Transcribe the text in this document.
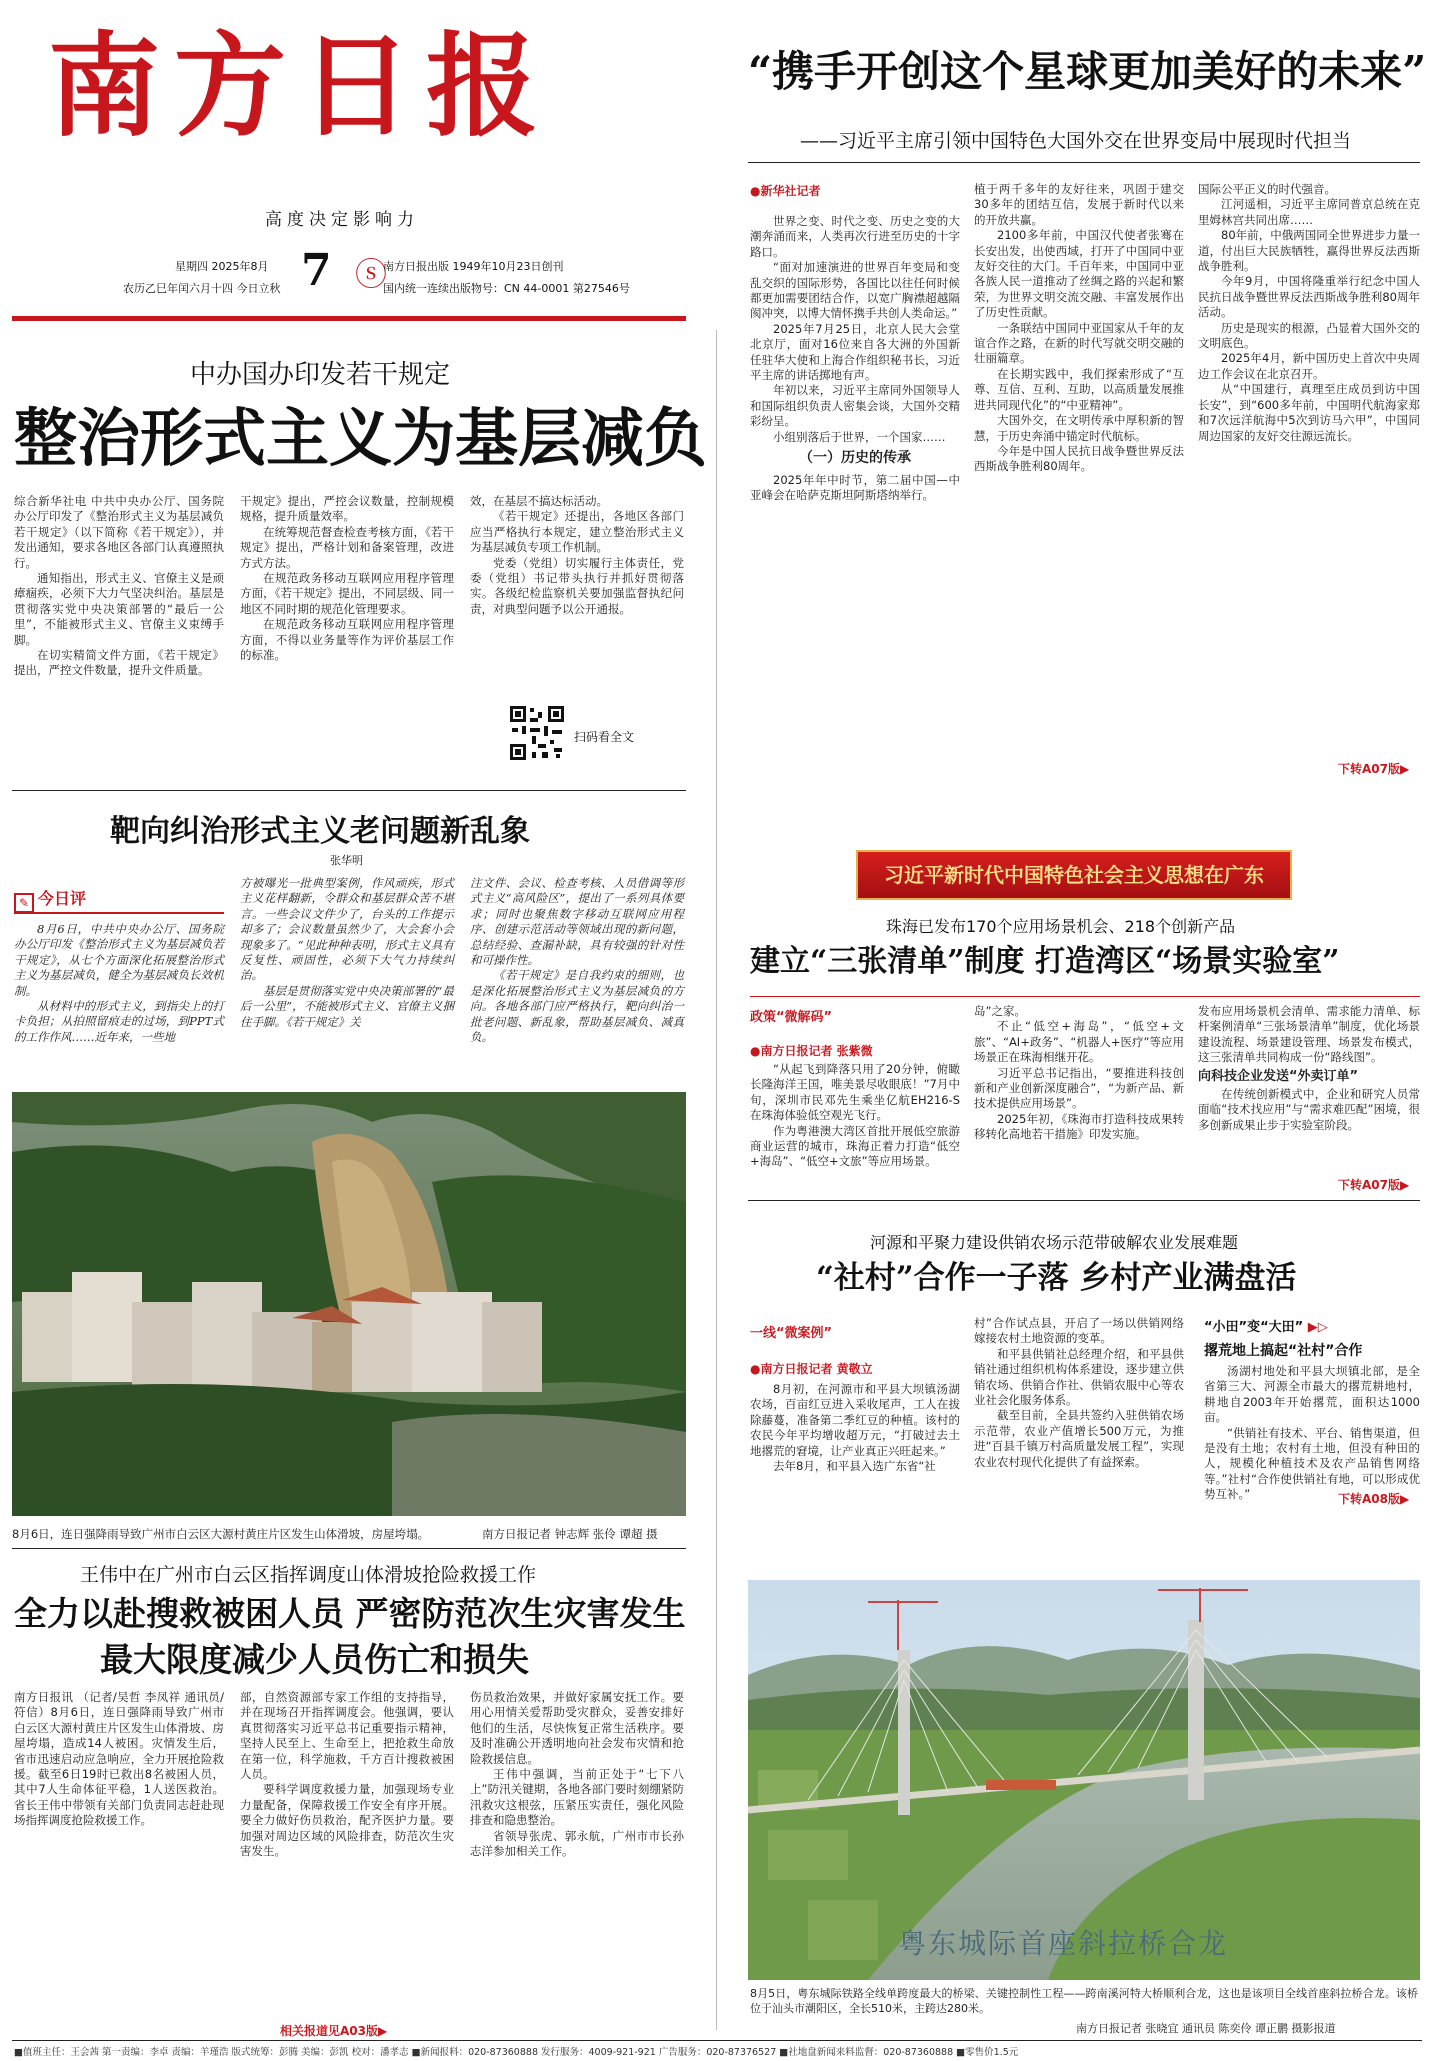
南方日报
高度决定影响力
星期四 2025年8月
农历乙巳年闰六月十四 今日立秋 7 ⓢ
南方日报出版 1949年10月23日创刊
国内统一连续出版物号：CN 44-0001 第27546号
“携手开创这个星球更加美好的未来”
——习近平主席引领中国特色大国外交在世界变局中展现时代担当
●新华社记者

世界之变、时代之变、历史之变的大潮奔涌而来，人类再次行进至历史的十字路口。

“面对加速演进的世界百年变局和变乱交织的国际形势，各国比以往任何时候都更加需要团结合作，以宽广胸襟超越隔阂冲突，以博大情怀携手共创人类命运。”

2025年7月25日，北京人民大会堂北京厅，面对16位来自各大洲的外国新任驻华大使和上海合作组织秘书长，习近平主席的讲话掷地有声。

年初以来，习近平主席同外国领导人和国际组织负责人密集会谈，大国外交精彩纷呈。

小组别落后于世界，一个国家……

（一）历史的传承

2025年年中时节，第二届中国—中亚峰会在哈萨克斯坦阿斯塔纳举行。

植于两千多年的友好往来，巩固于建交30多年的团结互信，发展于新时代以来的开放共赢。

2100多年前，中国汉代使者张骞在长安出发，出使西域，打开了中国同中亚友好交往的大门。千百年来，中国同中亚各族人民一道推动了丝绸之路的兴起和繁荣，为世界文明交流交融、丰富发展作出了历史性贡献。

一条联结中国同中亚国家从千年的友谊合作之路，在新的时代写就交明交融的壮丽篇章。

在长期实践中，我们探索形成了“互尊、互信、互利、互助，以高质量发展推进共同现代化”的“中亚精神”。

大国外交，在文明传承中厚积新的智慧，于历史奔涌中锚定时代航标。

今年是中国人民抗日战争暨世界反法西斯战争胜利80周年。

国际公平正义的时代强音。

江河遥相，习近平主席同普京总统在克里姆林宫共同出席……

80年前，中俄两国同全世界进步力量一道，付出巨大民族牺牲，赢得世界反法西斯战争胜利。

今年9月，中国将隆重举行纪念中国人民抗日战争暨世界反法西斯战争胜利80周年活动。

历史是现实的根源，凸显着大国外交的文明底色。

2025年4月，新中国历史上首次中央周边工作会议在北京召开。

从“中国建行，真理至庄成员到访中国长安”，到“600多年前，中国明代航海家郑和7次远洋航海中5次到访马六甲”，中国同周边国家的友好交往源远流长。

下转A07版▶
中办国办印发若干规定
整治形式主义为基层减负

综合新华社电 中共中央办公厅、国务院办公厅印发了《整治形式主义为基层减负若干规定》（以下简称《若干规定》），并发出通知，要求各地区各部门认真遵照执行。

通知指出，形式主义、官僚主义是顽瘴痼疾，必须下大力气坚决纠治。基层是贯彻落实党中央决策部署的“最后一公里”，不能被形式主义、官僚主义束缚手脚。

在切实精简文件方面，《若干规定》提出，严控文件数量，提升文件质量。

干规定》提出，严控会议数量，控制规模规格，提升质量效率。

在统筹规范督查检查考核方面，《若干规定》提出，严格计划和备案管理，改进方式方法。

在规范政务移动互联网应用程序管理方面，《若干规定》提出，不同层级、同一地区不同时期的规范化管理要求。

在规范政务移动互联网应用程序管理方面，不得以业务量等作为评价基层工作的标准。

效，在基层不搞达标活动。

《若干规定》还提出，各地区各部门应当严格执行本规定，建立整治形式主义为基层减负专项工作机制。

党委（党组）切实履行主体责任，党委（党组）书记带头执行并抓好贯彻落实。各级纪检监察机关要加强监督执纪问责，对典型问题予以公开通报。

扫码看全文
靶向纠治形式主义老问题新乱象
张华明
✎ 今日评

8月6日，中共中央办公厅、国务院办公厅印发《整治形式主义为基层减负若干规定》，从七个方面深化拓展整治形式主义为基层减负，健全为基层减负长效机制。

从材料中的形式主义，到指尖上的打卡负担；从拍照留痕走的过场，到PPT式的工作作风……近年来，一些地

方被曝光一批典型案例，作风顽疾，形式主义花样翻新，令群众和基层群众苦不堪言。一些会议文件少了，台头的工作提示却多了；会议数量虽然少了，大会套小会现象多了。“见此种种表明，形式主义具有反复性、顽固性，必须下大气力持续纠治。

基层是贯彻落实党中央决策部署的“最后一公里”，不能被形式主义、官僚主义捆住手脚。《若干规定》关

注文件、会议、检查考核、人员借调等形式主义“高风险区”，提出了一系列具体要求；同时也聚焦数字移动互联网应用程序、创建示范活动等领域出现的新问题，总结经验、查漏补缺，具有较强的针对性和可操作性。

《若干规定》是自我约束的细则，也是深化拓展整治形式主义为基层减负的方向。各地各部门应严格执行，靶向纠治一批老问题、新乱象，帮助基层减负、减真负。

8月6日，连日强降雨导致广州市白云区大源村黄庄片区发生山体滑坡，房屋垮塌。	南方日报记者 钟志辉 张伶 谭超 摄
王伟中在广州市白云区指挥调度山体滑坡抢险救援工作
全力以赴搜救被困人员 严密防范次生灾害发生
最大限度减少人员伤亡和损失

南方日报讯 （记者/吴哲 李凤祥 通讯员/符信）8月6日，连日强降雨导致广州市白云区大源村黄庄片区发生山体滑坡、房屋垮塌，造成14人被困。灾情发生后，省市迅速启动应急响应，全力开展抢险救援。截至6日19时已救出8名被困人员，其中7人生命体征平稳，1人送医救治。省长王伟中带领有关部门负责同志赶赴现场指挥调度抢险救援工作。

部，自然资源部专家工作组的支持指导，并在现场召开指挥调度会。他强调，要认真贯彻落实习近平总书记重要指示精神，坚持人民至上、生命至上，把抢救生命放在第一位，科学施救，千方百计搜救被困人员。

要科学调度救援力量，加强现场专业力量配备，保障救援工作安全有序开展。要全力做好伤员救治，配齐医护力量。要加强对周边区域的风险排查，防范次生灾害发生。

伤员救治效果，并做好家属安抚工作。要用心用情关爱帮助受灾群众，妥善安排好他们的生活，尽快恢复正常生活秩序。要及时准确公开透明地向社会发布灾情和抢险救援信息。

王伟中强调，当前正处于“七下八上”防汛关键期，各地各部门要时刻绷紧防汛救灾这根弦，压紧压实责任，强化风险排查和隐患整治。

省领导张虎、郭永航，广州市市长孙志洋参加相关工作。

相关报道见A03版▶
习近平新时代中国特色社会主义思想在广东
珠海已发布170个应用场景机会、218个创新产品
建立“三张清单”制度 打造湾区“场景实验室”
政策“微解码”
●南方日报记者 张紫微

“从起飞到降落只用了20分钟，俯瞰长隆海洋王国，唯美景尽收眼底！”7月中旬，深圳市民邓先生乘坐亿航EH216-S在珠海体验低空观光飞行。

作为粤港澳大湾区首批开展低空旅游商业运营的城市，珠海正着力打造“低空+海岛”、“低空+文旅”等应用场景。

岛”之家。

不止“低空+海岛”，“低空+文旅”、“AI+政务”、“机器人+医疗”等应用场景正在珠海相继开花。

习近平总书记指出，“要推进科技创新和产业创新深度融合”，“为新产品、新技术提供应用场景”。

2025年初，《珠海市打造科技成果转移转化高地若干措施》印发实施。

发布应用场景机会清单、需求能力清单、标杆案例清单“三张场景清单”制度，优化场景建设流程、场景建设管理、场景发布模式，这三张清单共同构成一份“路线图”。

向科技企业发送“外卖订单”

在传统创新模式中，企业和研究人员常面临“技术找应用”与“需求难匹配”困境，很多创新成果止步于实验室阶段。

下转A07版▶
河源和平聚力建设供销农场示范带破解农业发展难题
“社村”合作一子落 乡村产业满盘活
一线“微案例”
●南方日报记者 黄敬立

8月初，在河源市和平县大坝镇汤湖农场，百亩红豆进入采收尾声，工人在拔除藤蔓，准备第二季红豆的种植。该村的农民今年平均增收超万元，“打破过去土地撂荒的窘境，让产业真正兴旺起来。”

去年8月，和平县入选广东省“社

村”合作试点县，开启了一场以供销网络嫁接农村土地资源的变革。

和平县供销社总经理介绍，和平县供销社通过组织机构体系建设，逐步建立供销农场、供销合作社、供销农服中心等农业社会化服务体系。

截至目前，全县共签约入驻供销农场示范带，农业产值增长500万元，为推进“百县千镇万村高质量发展工程”，实现农业农村现代化提供了有益探索。

“小田”变“大田” ▶▷
撂荒地上搞起“社村”合作

汤湖村地处和平县大坝镇北部，是全省第三大、河源全市最大的撂荒耕地村，耕地自2003年开始撂荒，面积达1000亩。

“供销社有技术、平台、销售渠道，但是没有土地；农村有土地，但没有种田的人，规模化种植技术及农产品销售网络等。”社村“合作使供销社有地，可以形成优势互补。”	下转A08版▶
粤东城际首座斜拉桥合龙

8月5日，粤东城际铁路全线单跨度最大的桥梁、关键控制性工程——跨南溪河特大桥顺利合龙，这也是该项目全线首座斜拉桥合龙。该桥位于汕头市潮阳区，全长510米，主跨达280米。

南方日报记者 张晓宜 通讯员 陈奕伶 谭正鹏 摄影报道
■值班主任：王会茜 第一责编：李卓 责编：羊瑾浩 版式统筹：彭腾 美编：彭凯 校对：潘孝志 ■新闻报料：020-87360888 发行服务：4009-921-921 广告服务：020-87376527 ■社地盘新闻来料监督：020-87360888 ■零售价1.5元
